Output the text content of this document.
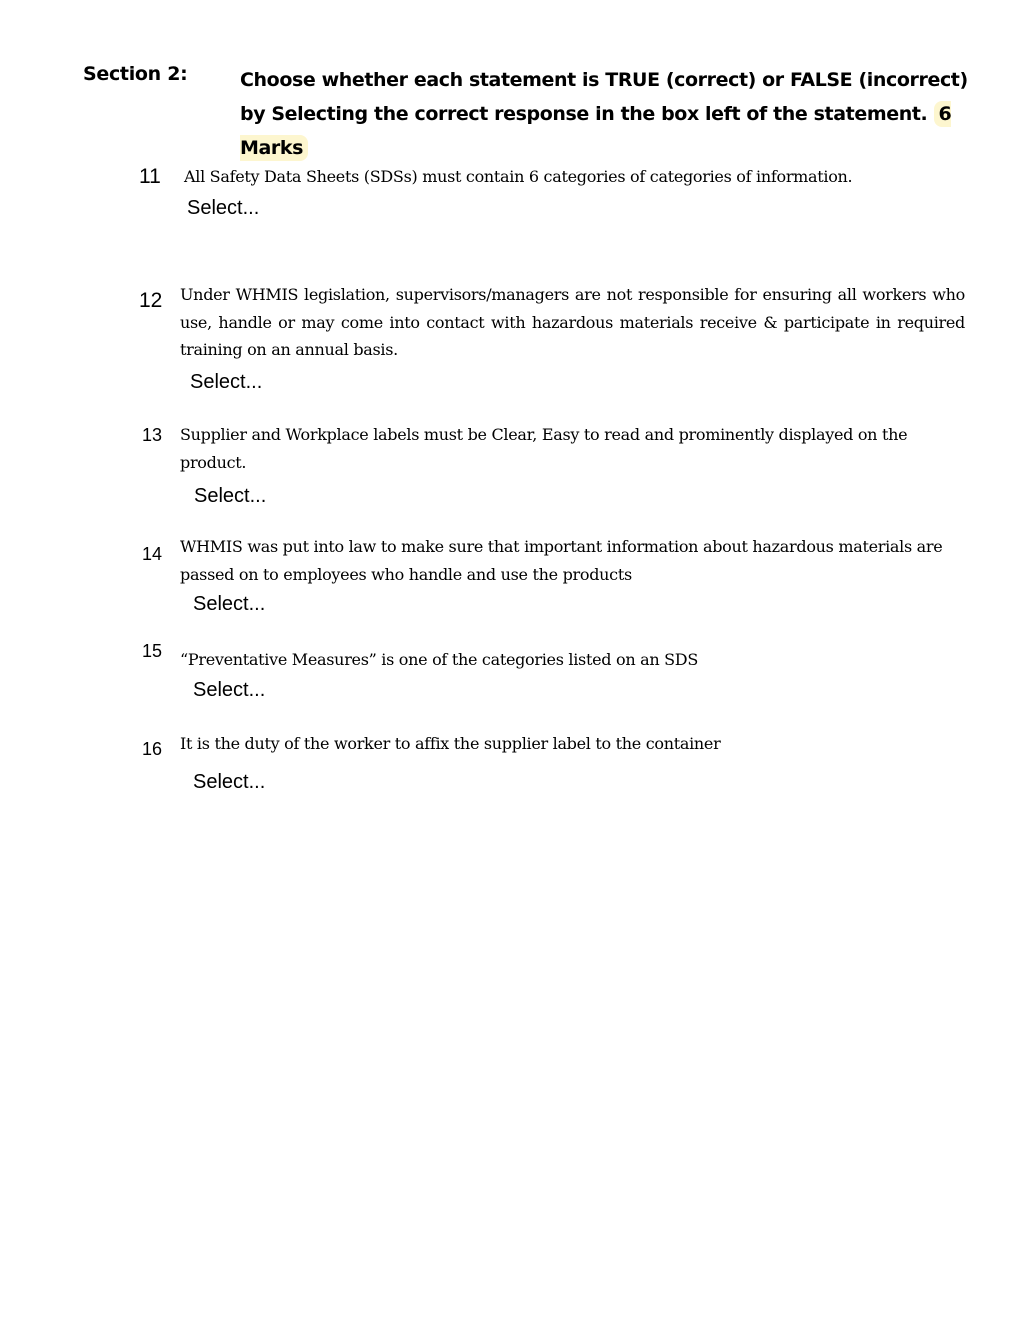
Section 2:	Choose whether each statement is TRUE (correct) or FALSE (incorrect) by Selecting the correct response in the box left of the statement. 6 Marks
11 All Safety Data Sheets (SDSs) must contain 6 categories of categories of information.
Select...
12 Under WHMIS legislation, supervisors/managers are not responsible for ensuring all workers who use, handle or may come into contact with hazardous materials receive & participate in required training on an annual basis.
Select...
13 Supplier and Workplace labels must be Clear, Easy to read and prominently displayed on the product.
Select...
14 WHMIS was put into law to make sure that important information about hazardous materials are passed on to employees who handle and use the products
Select...
15 “Preventative Measures” is one of the categories listed on an SDS
Select...
16 It is the duty of the worker to affix the supplier label to the container
Select...
